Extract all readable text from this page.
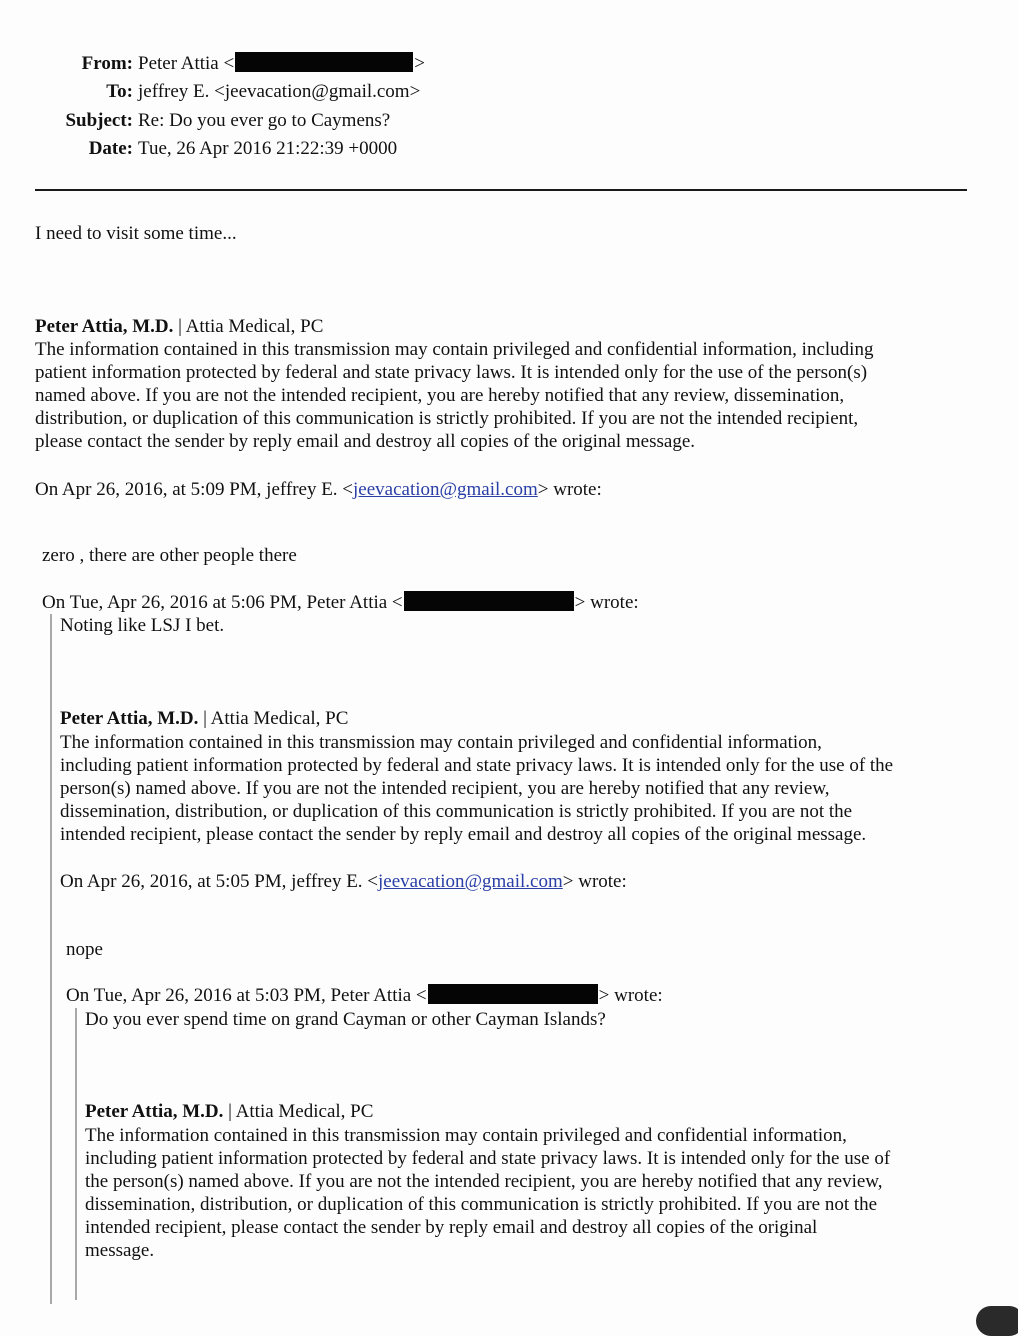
From: Peter Attia <	>
To: jeffrey E. <jeevacation@gmail.com>
Subject: Re: Do you ever go to Caymens?
Date: Tue, 26 Apr 2016 21:22:39 +0000
I need to visit some time...
Peter Attia, M.D. | Attia Medical, PC
The information contained in this transmission may contain privileged and confidential information, including
patient information protected by federal and state privacy laws. It is intended only for the use of the person(s)
named above. If you are not the intended recipient, you are hereby notified that any review, dissemination,
distribution, or duplication of this communication is strictly prohibited. If you are not the intended recipient,
please contact the sender by reply email and destroy all copies of the original message.
On Apr 26, 2016, at 5:09 PM, jeffrey E. <jeevacation@gmail.com> wrote:
zero , there are other people there
On Tue, Apr 26, 2016 at 5:06 PM, Peter Attia <	> wrote:
Noting like LSJ I bet.
Peter Attia, M.D. | Attia Medical, PC
The information contained in this transmission may contain privileged and confidential information,
including patient information protected by federal and state privacy laws. It is intended only for the use of the
person(s) named above. If you are not the intended recipient, you are hereby notified that any review,
dissemination, distribution, or duplication of this communication is strictly prohibited. If you are not the
intended recipient, please contact the sender by reply email and destroy all copies of the original message.
On Apr 26, 2016, at 5:05 PM, jeffrey E. <jeevacation@gmail.com> wrote:
nope
On Tue, Apr 26, 2016 at 5:03 PM, Peter Attia <	> wrote:
Do you ever spend time on grand Cayman or other Cayman Islands?
Peter Attia, M.D. | Attia Medical, PC
The information contained in this transmission may contain privileged and confidential information,
including patient information protected by federal and state privacy laws. It is intended only for the use of
the person(s) named above. If you are not the intended recipient, you are hereby notified that any review,
dissemination, distribution, or duplication of this communication is strictly prohibited. If you are not the
intended recipient, please contact the sender by reply email and destroy all copies of the original
message.
